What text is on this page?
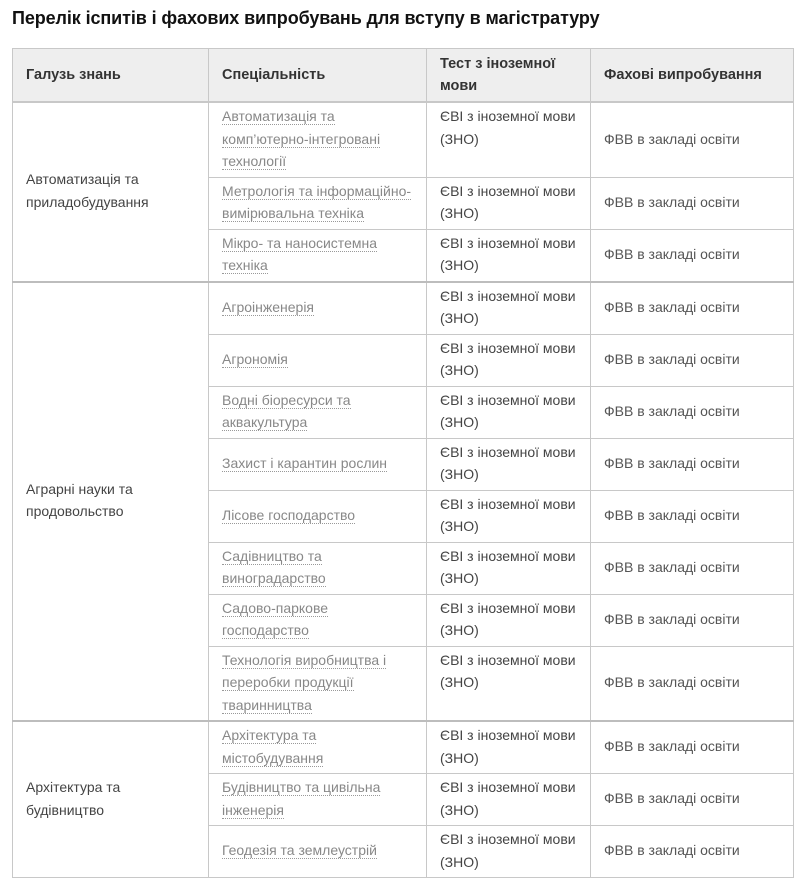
Перелік іспитів і фахових випробувань для вступу в магістратуру
Галузь знань	Спеціальність	Тест з іноземної мови	Фахові випробування
Автоматизація та приладобудування	Автоматизація та комп’ютерно-інтегровані технології	ЄВІ з іноземної мови (ЗНО)	ФВВ в закладі освіти
	Метрологія та інформаційно-вимірювальна техніка	ЄВІ з іноземної мови (ЗНО)	ФВВ в закладі освіти
	Мікро- та наносистемна техніка	ЄВІ з іноземної мови (ЗНО)	ФВВ в закладі освіти
Аграрні науки та продовольство	Агроінженерія	ЄВІ з іноземної мови (ЗНО)	ФВВ в закладі освіти
	Агрономія	ЄВІ з іноземної мови (ЗНО)	ФВВ в закладі освіти
	Водні біоресурси та аквакультура	ЄВІ з іноземної мови (ЗНО)	ФВВ в закладі освіти
	Захист і карантин рослин	ЄВІ з іноземної мови (ЗНО)	ФВВ в закладі освіти
	Лісове господарство	ЄВІ з іноземної мови (ЗНО)	ФВВ в закладі освіти
	Садівництво та виноградарство	ЄВІ з іноземної мови (ЗНО)	ФВВ в закладі освіти
	Садово-паркове господарство	ЄВІ з іноземної мови (ЗНО)	ФВВ в закладі освіти
	Технологія виробництва і переробки продукції тваринництва	ЄВІ з іноземної мови (ЗНО)	ФВВ в закладі освіти
Архітектура та будівництво	Архітектура та містобудування	ЄВІ з іноземної мови (ЗНО)	ФВВ в закладі освіти
	Будівництво та цивільна інженерія	ЄВІ з іноземної мови (ЗНО)	ФВВ в закладі освіти
	Геодезія та землеустрій	ЄВІ з іноземної мови (ЗНО)	ФВВ в закладі освіти
